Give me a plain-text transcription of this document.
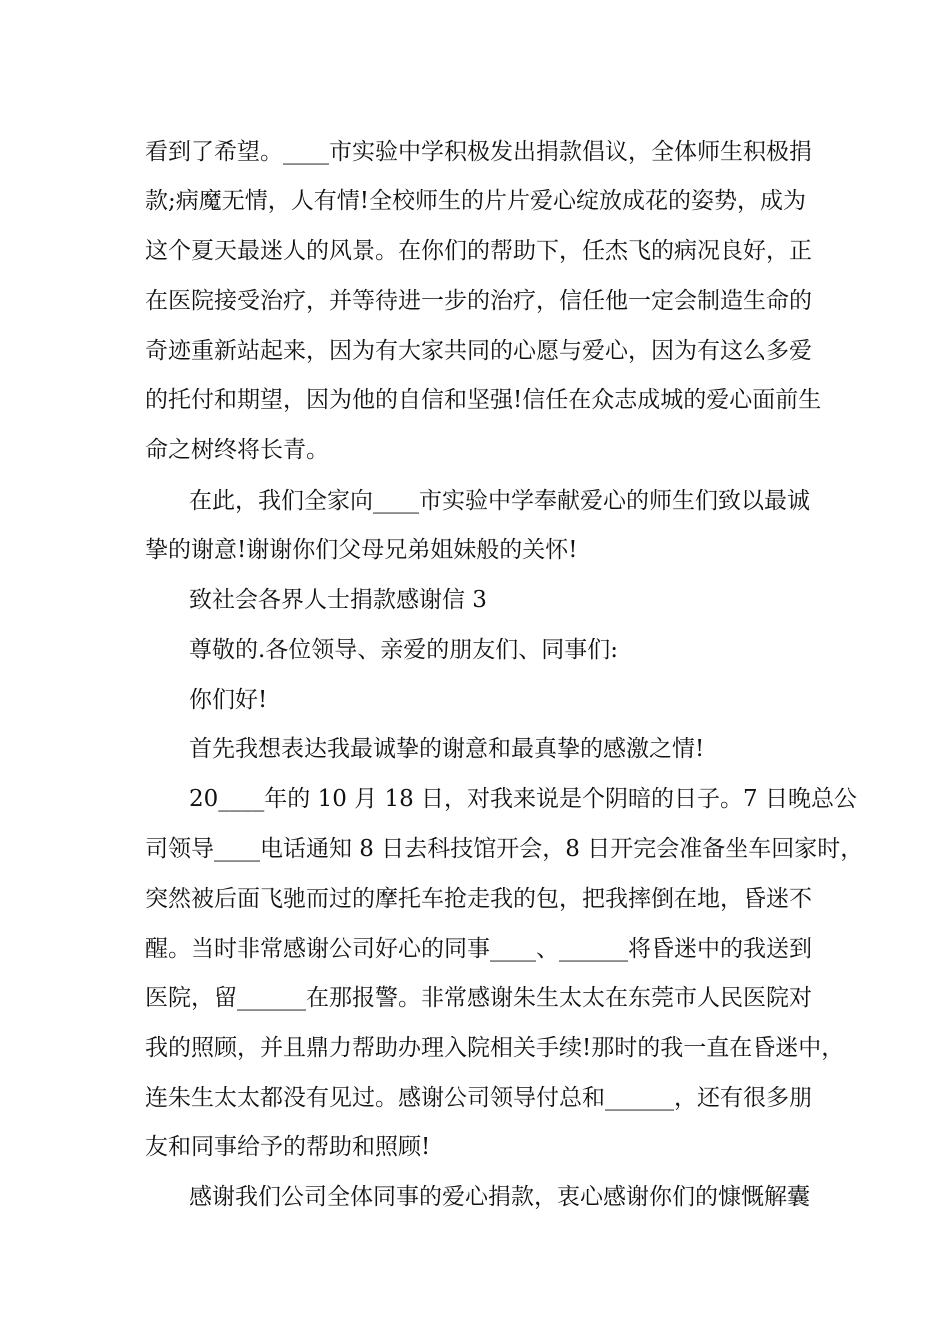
看到了希望。____市实验中学积极发出捐款倡议，全体师生积极捐
款;病魔无情，人有情!全校师生的片片爱心绽放成花的姿势，成为
这个夏天最迷人的风景。在你们的帮助下，任杰飞的病况良好，正
在医院接受治疗，并等待进一步的治疗，信任他一定会制造生命的
奇迹重新站起来，因为有大家共同的心愿与爱心，因为有这么多爱
的托付和期望，因为他的自信和坚强!信任在众志成城的爱心面前生
命之树终将长青。
在此，我们全家向____市实验中学奉献爱心的师生们致以最诚
挚的谢意!谢谢你们父母兄弟姐妹般的关怀!
致社会各界人士捐款感谢信 3
尊敬的.各位领导、亲爱的朋友们、同事们:
你们好!
首先我想表达我最诚挚的谢意和最真挚的感激之情!
20____年的 10 月 18 日，对我来说是个阴暗的日子。7 日晚总公
司领导____电话通知 8 日去科技馆开会，8 日开完会准备坐车回家时，
突然被后面飞驰而过的摩托车抢走我的包，把我摔倒在地，昏迷不
醒。当时非常感谢公司好心的同事____、______将昏迷中的我送到
医院，留______在那报警。非常感谢朱生太太在东莞市人民医院对
我的照顾，并且鼎力帮助办理入院相关手续!那时的我一直在昏迷中，
连朱生太太都没有见过。感谢公司领导付总和______，还有很多朋
友和同事给予的帮助和照顾!
感谢我们公司全体同事的爱心捐款，衷心感谢你们的慷慨解囊
